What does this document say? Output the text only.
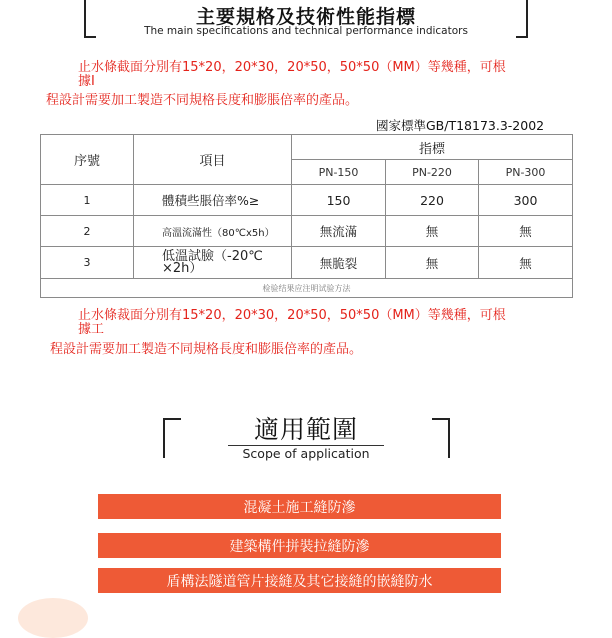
主要規格及技術性能指標
The main specifications and technical performance indicators
止水條截面分別有15*20，20*30，20*50，50*50（MM）等幾種，可根
據I
程設計需要加工製造不同規格長度和膨脹倍率的產品。
國家標準GB/T18173.3-2002
序號	項目	指標		
		PN-150	PN-220	PN-300
1	體積些脹倍率%≥	150	220	300
2	高溫流滿性（80℃x5h）	無流滿	無	無
3	低溫試臉（-20℃
×2h）	無脆裂	無	無
检验结果应注明试验方法				
止水條裁面分別有15*20，20*30，20*50，50*50（MM）等幾種，可根
據工
程設計需要加工製造不同規格長度和膨脹倍率的產品。
適用範圍
Scope of application
混凝土施工縫防滲
建築構件拼裝拉縫防滲
盾構法隧道管片接縫及其它接縫的嵌縫防水
